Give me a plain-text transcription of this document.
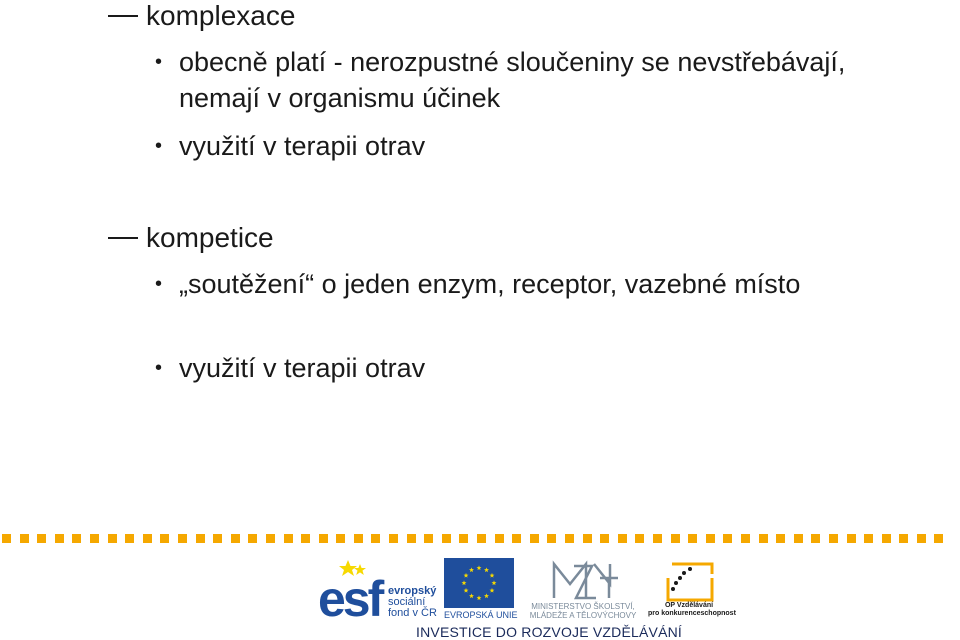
komplexace
• obecně platí - nerozpustné sloučeniny se nevstřebávají, nemají v organismu účinek
• využití v terapii otrav
kompetice
• „soutěžení“ o jeden enzym, receptor, vazebné místo
• využití v terapii otrav
esf evropský
sociální
fond v ČR EVROPSKÁ UNIE
MINISTERSTVO ŠKOLSTVÍ,
MLÁDEŽE A TĚLOVÝCHOVY
OP Vzdělávání
pro konkurenceschopnost
INVESTICE DO ROZVOJE VZDĚLÁVÁNÍ
